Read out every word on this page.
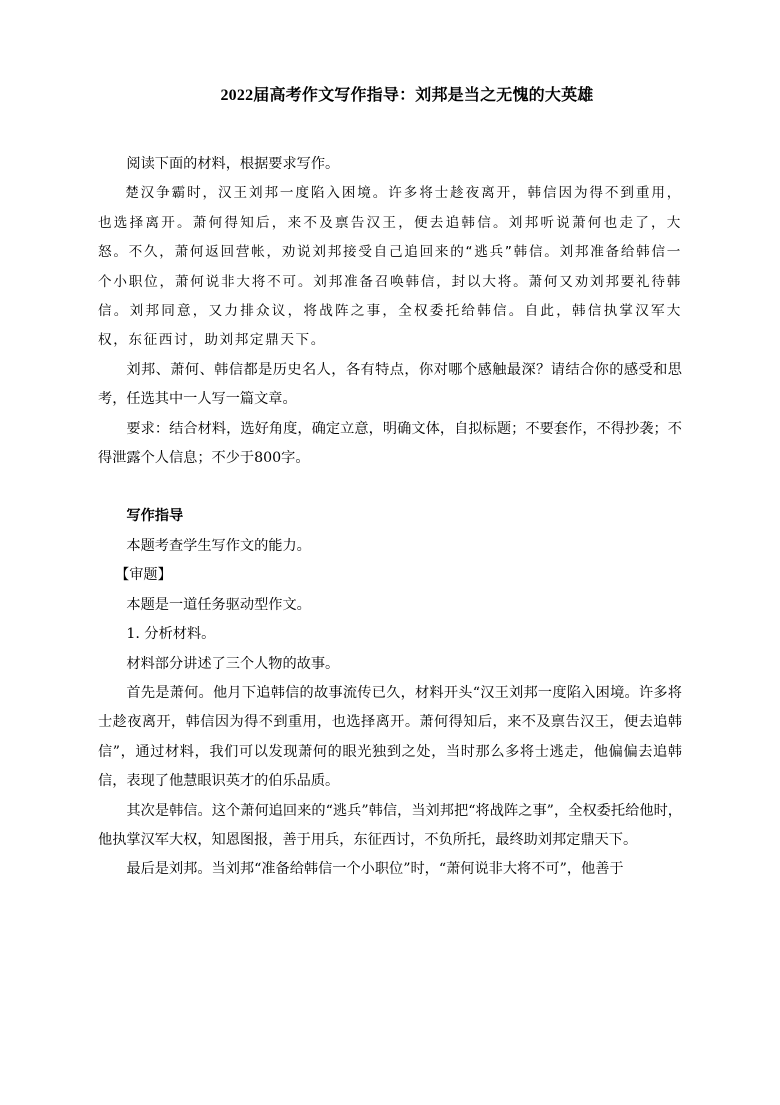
2022届高考作文写作指导：刘邦是当之无愧的大英雄

阅读下面的材料，根据要求写作。

楚汉争霸时，汉王刘邦一度陷入困境。许多将士趁夜离开，韩信因为得不到重用，也选择离开。萧何得知后，来不及禀告汉王，便去追韩信。刘邦听说萧何也走了，大怒。不久，萧何返回营帐，劝说刘邦接受自己追回来的“逃兵”韩信。刘邦准备给韩信一个小职位，萧何说非大将不可。刘邦准备召唤韩信，封以大将。萧何又劝刘邦要礼待韩信。刘邦同意，又力排众议，将战阵之事，全权委托给韩信。自此，韩信执掌汉军大权，东征西讨，助刘邦定鼎天下。

刘邦、萧何、韩信都是历史名人，各有特点，你对哪个感触最深？请结合你的感受和思考，任选其中一人写一篇文章。

要求：结合材料，选好角度，确定立意，明确文体，自拟标题；不要套作，不得抄袭；不得泄露个人信息；不少于800字。

写作指导

本题考查学生写作文的能力。

【审题】

本题是一道任务驱动型作文。

1. 分析材料。

材料部分讲述了三个人物的故事。

首先是萧何。他月下追韩信的故事流传已久，材料开头“汉王刘邦一度陷入困境。许多将士趁夜离开，韩信因为得不到重用，也选择离开。萧何得知后，来不及禀告汉王，便去追韩信”，通过材料，我们可以发现萧何的眼光独到之处，当时那么多将士逃走，他偏偏去追韩信，表现了他慧眼识英才的伯乐品质。

其次是韩信。这个萧何追回来的“逃兵”韩信，当刘邦把“将战阵之事”，全权委托给他时，他执掌汉军大权，知恩图报，善于用兵，东征西讨，不负所托，最终助刘邦定鼎天下。

最后是刘邦。当刘邦“准备给韩信一个小职位”时，“萧何说非大将不可”，他善于
